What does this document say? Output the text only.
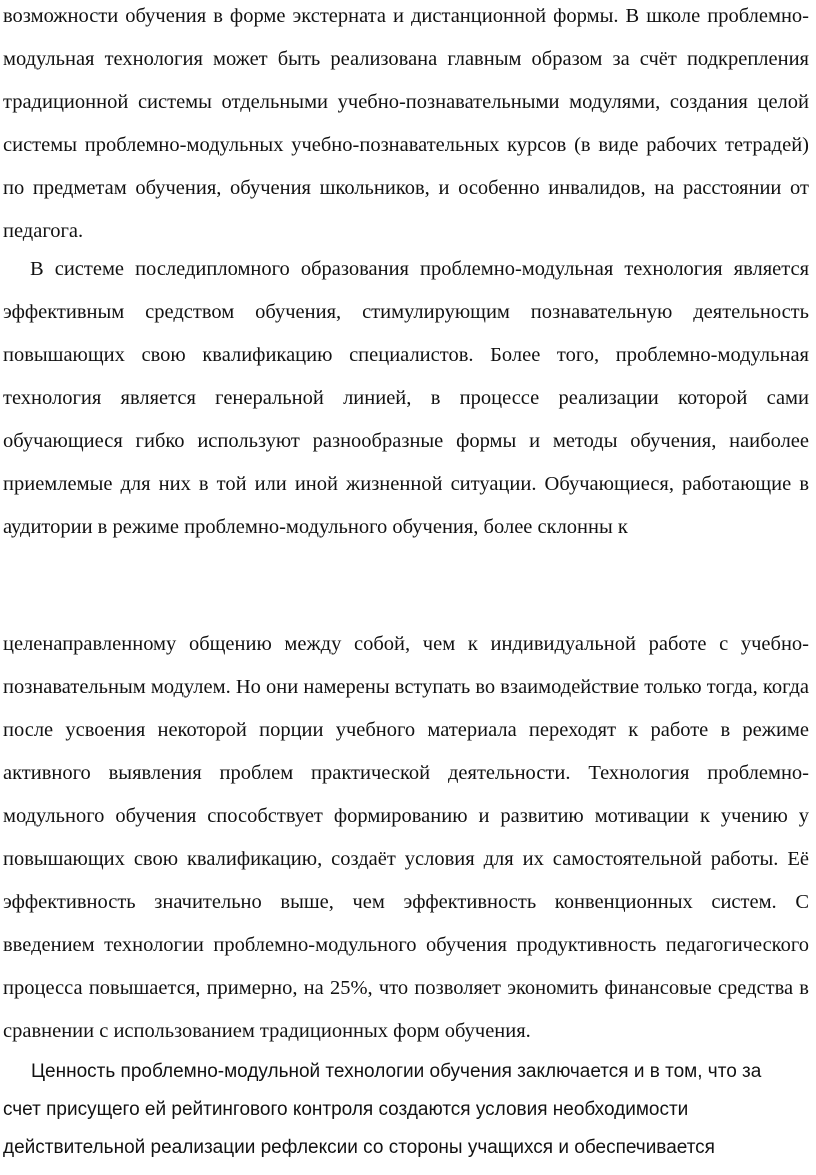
возможности обучения в форме экстерната и дистанционной формы. В школе проблемно-модульная технология может быть реализована главным образом за счёт подкрепления традиционной системы отдельными учебно-познавательными модулями, создания целой системы проблемно-модульных учебно-познавательных курсов (в виде рабочих тетрадей) по предметам обучения, обучения школьников, и особенно инвалидов, на расстоянии от педагога.

В системе последипломного образования проблемно-модульная технология является эффективным средством обучения, стимулирующим познавательную деятельность повышающих свою квалификацию специалистов. Более того, проблемно-модульная технология является генеральной линией, в процессе реализации которой сами обучающиеся гибко используют разнообразные формы и методы обучения, наиболее приемлемые для них в той или иной жизненной ситуации. Обучающиеся, работающие в аудитории в режиме проблемно-модульного обучения, более склонны к

целенаправленному общению между собой, чем к индивидуальной работе с учебно-познавательным модулем. Но они намерены вступать во взаимодействие только тогда, когда после усвоения некоторой порции учебного материала переходят к работе в режиме активного выявления проблем практической деятельности. Технология проблемно-модульного обучения способствует формированию и развитию мотивации к учению у повышающих свою квалификацию, создаёт условия для их самостоятельной работы. Её эффективность значительно выше, чем эффективность конвенционных систем. С введением технологии проблемно-модульного обучения продуктивность педагогического процесса повышается, примерно, на 25%, что позволяет экономить финансовые средства в сравнении с использованием традиционных форм обучения.

Ценность проблемно-модульной технологии обучения заключается и в том, что за счет присущего ей рейтингового контроля создаются условия необходимости действительной реализации рефлексии со стороны учащихся и обеспечивается
